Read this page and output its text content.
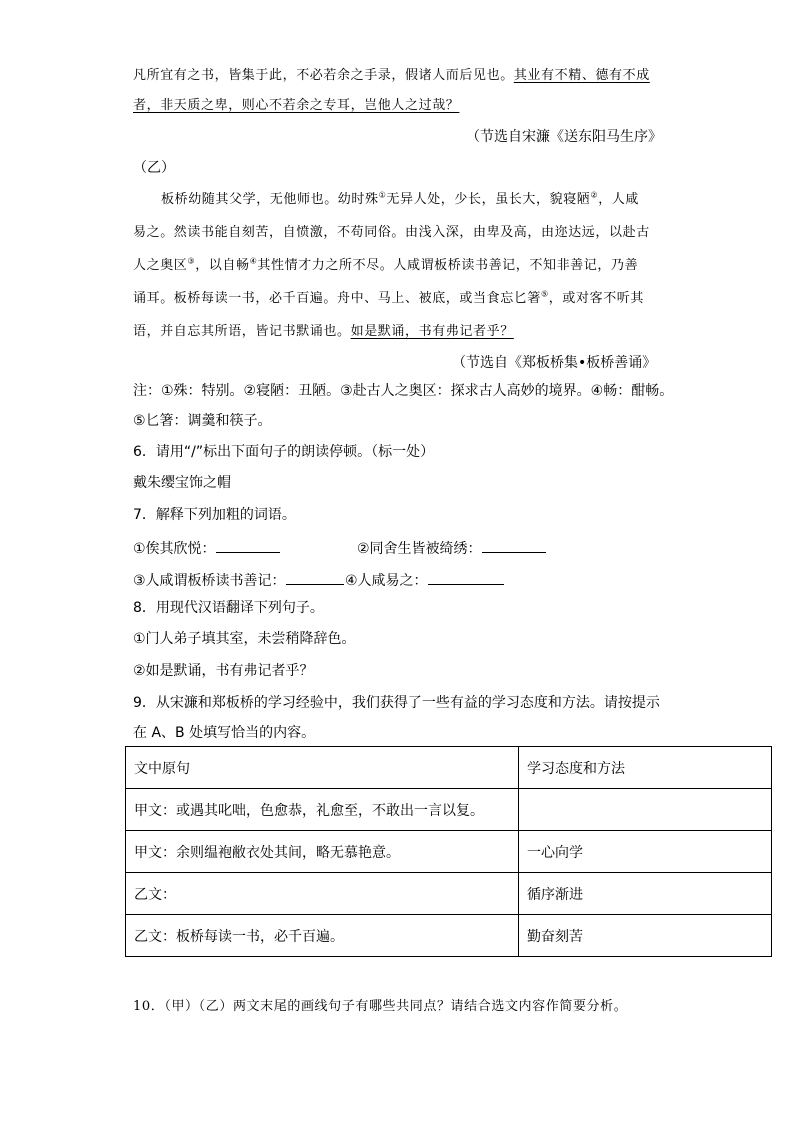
凡所宜有之书，皆集于此，不必若余之手录，假诸人而后见也。其业有不精、德有不成
者，非天质之卑，则心不若余之专耳，岂他人之过哉？
（节选自宋濂《送东阳马生序》
（乙）
板桥幼随其父学，无他师也。幼时殊①无异人处，少长，虽长大，貌寝陋②，人咸
易之。然读书能自刻苦，自愤激，不苟同俗。由浅入深，由卑及高，由迩达远，以赴古
人之奥区③，以自畅④其性情才力之所不尽。人咸谓板桥读书善记，不知非善记，乃善
诵耳。板桥每读一书，必千百遍。舟中、马上、被底，或当食忘匕箸⑤，或对客不听其
语，并自忘其所语，皆记书默诵也。如是默诵，书有弗记者乎？
（节选自《郑板桥集•板桥善诵》
注：①殊：特别。②寝陋：丑陋。③赴古人之奥区：探求古人高妙的境界。④畅：酣畅。
⑤匕箸：调羹和筷子。
6．请用“/”标出下面句子的朗读停顿。（标一处）
戴朱缨宝饰之帽
7．解释下列加粗的词语。
①俟其欣悦：	②同舍生皆被绮绣：
③人咸谓板桥读书善记：	④人咸易之：
8．用现代汉语翻译下列句子。
①门人弟子填其室，未尝稍降辞色。
②如是默诵，书有弗记者乎？
9．从宋濂和郑板桥的学习经验中，我们获得了一些有益的学习态度和方法。请按提示
在 A、B 处填写恰当的内容。
文中原句	学习态度和方法
甲文：或遇其叱咄，色愈恭，礼愈至，不敢出一言以复。	
甲文：余则缊袍敝衣处其间，略无慕艳意。	一心向学
乙文：	循序渐进
乙文：板桥每读一书，必千百遍。	勤奋刻苦
10．（甲）（乙）两文末尾的画线句子有哪些共同点？请结合选文内容作简要分析。
